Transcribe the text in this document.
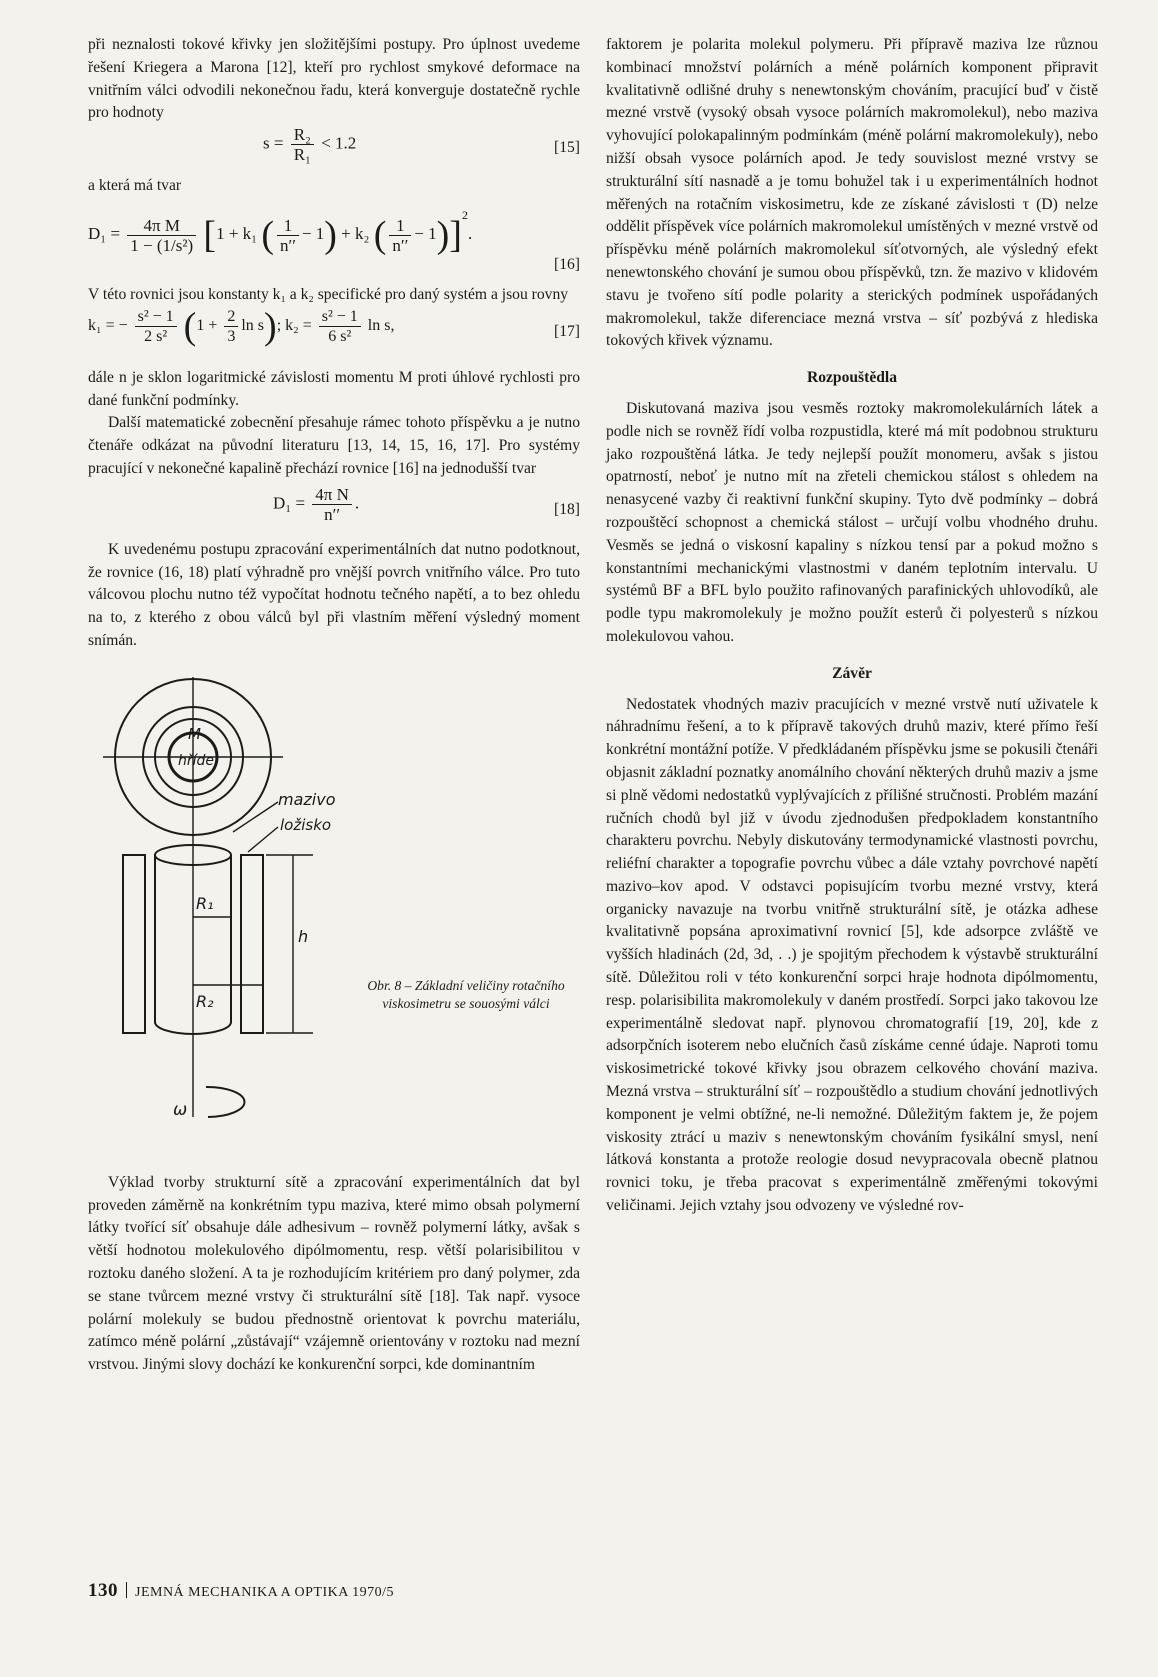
při neznalosti tokové křivky jen složitějšími postupy. Pro úplnost uvedeme řešení Kriegera a Marona [12], kteří pro rychlost smykové deformace na vnitřním válci odvodili nekonečnou řadu, která konverguje dostatečně rychle pro hodnoty

$s = \frac{\text{R₂}}{\text{R₁}} < 1.2$	[15]

a která má tvar

$D_1 = \frac{\text{4π M}}{\text{1 − (1/s²)}} [1 + k_1$ ( $\frac{1}{n''} - 1) + k_2$ ( $\frac{1}{n''} - 1)]^2$.
[16]

V této rovnici jsou konstanty k₁ a k₂ specifické pro daný systém a jsou rovny

k₁ = − $\frac{\text{s² − 1}}{\text{2 s²}} (1 + \frac{2}{3}$ ln s); $k_2 = \frac{\text{s² − 1}}{\text{6 s²}}$ ln s,	[17]

dále n je sklon logaritmické závislosti momentu M proti úhlové rychlosti pro dané funkční podmínky.

Další matematické zobecnění přesahuje rámec tohoto příspěvku a je nutno čtenáře odkázat na původní literaturu [13, 14, 15, 16, 17]. Pro systémy pracující v nekonečné kapalině přechází rovnice [16] na jednodušší tvar

$D_1 = \frac{\text{4π N}}{n''}$ .	[18]

K uvedenému postupu zpracování experimentálních dat nutno podotknout, že rovnice (16, 18) platí výhradně pro vnější povrch vnitřního válce. Pro tuto válcovou plochu nutno též vypočítat hodnotu tečného napětí, a to bez ohledu na to, z kterého z obou válců byl při vlastním měření výsledný moment snímán.

M
hřídel
mazivo
ložisko
R₁
R₂
h
ω
Obr. 8 – Základní veličiny rotačního viskosimetru se souosými válci

Výklad tvorby strukturní sítě a zpracování experimentálních dat byl proveden záměrně na konkrétním typu maziva, které mimo obsah polymerní látky tvořící síť obsahuje dále adhesivum – rovněž polymerní látky, avšak s větší hodnotou molekulového dipólmomentu, resp. větší polarisibilitou v roztoku daného složení. A ta je rozhodujícím kritériem pro daný polymer, zda se stane tvůrcem mezné vrstvy či strukturální sítě [18]. Tak např. vysoce polární molekuly se budou přednostně orientovat k povrchu materiálu, zatímco méně polární „zůstávají“ vzájemně orientovány v roztoku nad mezní vrstvou. Jinými slovy dochází ke konkurenční sorpci, kde dominantním

faktorem je polarita molekul polymeru. Při přípravě maziva lze různou kombinací množství polárních a méně polárních komponent připravit kvalitativně odlišné druhy s nenewtonským chováním, pracující buď v čistě mezné vrstvě (vysoký obsah vysoce polárních makromolekul), nebo maziva vyhovující polokapalinným podmínkám (méně polární makromolekuly), nebo nižší obsah vysoce polárních apod. Je tedy souvislost mezné vrstvy se strukturální sítí nasnadě a je tomu bohužel tak i u experimentálních hodnot měřených na rotačním viskosimetru, kde ze získané závislosti τ (D) nelze oddělit příspěvek více polárních makromolekul umístěných v mezné vrstvě od příspěvku méně polárních makromolekul síťotvorných, ale výsledný efekt nenewtonského chování je sumou obou příspěvků, tzn. že mazivo v klidovém stavu je tvořeno sítí podle polarity a sterických podmínek uspořádaných makromolekul, takže diferenciace mezná vrstva – síť pozbývá z hlediska tokových křivek významu.

Rozpouštědla

Diskutovaná maziva jsou vesměs roztoky makromolekulárních látek a podle nich se rovněž řídí volba rozpustidla, které má mít podobnou strukturu jako rozpouštěná látka. Je tedy nejlepší použít monomeru, avšak s jistou opatrností, neboť je nutno mít na zřeteli chemickou stálost s ohledem na nenasycené vazby či reaktivní funkční skupiny. Tyto dvě podmínky – dobrá rozpouštěcí schopnost a chemická stálost – určují volbu vhodného druhu. Vesměs se jedná o viskosní kapaliny s nízkou tensí par a pokud možno s konstantními mechanickými vlastnostmi v daném teplotním intervalu. U systémů BF a BFL bylo použito rafinovaných parafinických uhlovodíků, ale podle typu makromolekuly je možno použít esterů či polyesterů s nízkou molekulovou vahou.

Závěr

Nedostatek vhodných maziv pracujících v mezné vrstvě nutí uživatele k náhradnímu řešení, a to k přípravě takových druhů maziv, které přímo řeší konkrétní montážní potíže. V předkládaném příspěvku jsme se pokusili čtenáři objasnit základní poznatky anomálního chování některých druhů maziv a jsme si plně vědomi nedostatků vyplývajících z přílišné stručnosti. Problém mazání ručních chodů byl již v úvodu zjednodušen předpokladem konstantního charakteru povrchu. Nebyly diskutovány termodynamické vlastnosti povrchu, reliéfní charakter a topografie povrchu vůbec a dále vztahy povrchové napětí mazivo–kov apod. V odstavci popisujícím tvorbu mezné vrstvy, která organicky navazuje na tvorbu vnitřně strukturální sítě, je otázka adhese kvalitativně popsána aproximativní rovnicí [5], kde adsorpce zvláště ve vyšších hladinách (2d, 3d, . .) je spojitým přechodem k výstavbě strukturální sítě. Důležitou roli v této konkurenční sorpci hraje hodnota dipólmomentu, resp. polarisibilita makromolekuly v daném prostředí. Sorpci jako takovou lze experimentálně sledovat např. plynovou chromatografií [19, 20], kde z adsorpčních isoterem nebo elučních časů získáme cenné údaje. Naproti tomu viskosimetrické tokové křivky jsou obrazem celkového chování maziva. Mezná vrstva – strukturální síť – rozpouštědlo a studium chování jednotlivých komponent je velmi obtížné, ne-li nemožné. Důležitým faktem je, že pojem viskosity ztrácí u maziv s nenewtonským chováním fysikální smysl, není látková konstanta a protože reologie dosud nevypracovala obecně platnou rovnici toku, je třeba pracovat s experimentálně změřenými tokovými veličinami. Jejich vztahy jsou odvozeny ve výsledné rov-

130 JEMNÁ MECHANIKA A OPTIKA 1970/5
